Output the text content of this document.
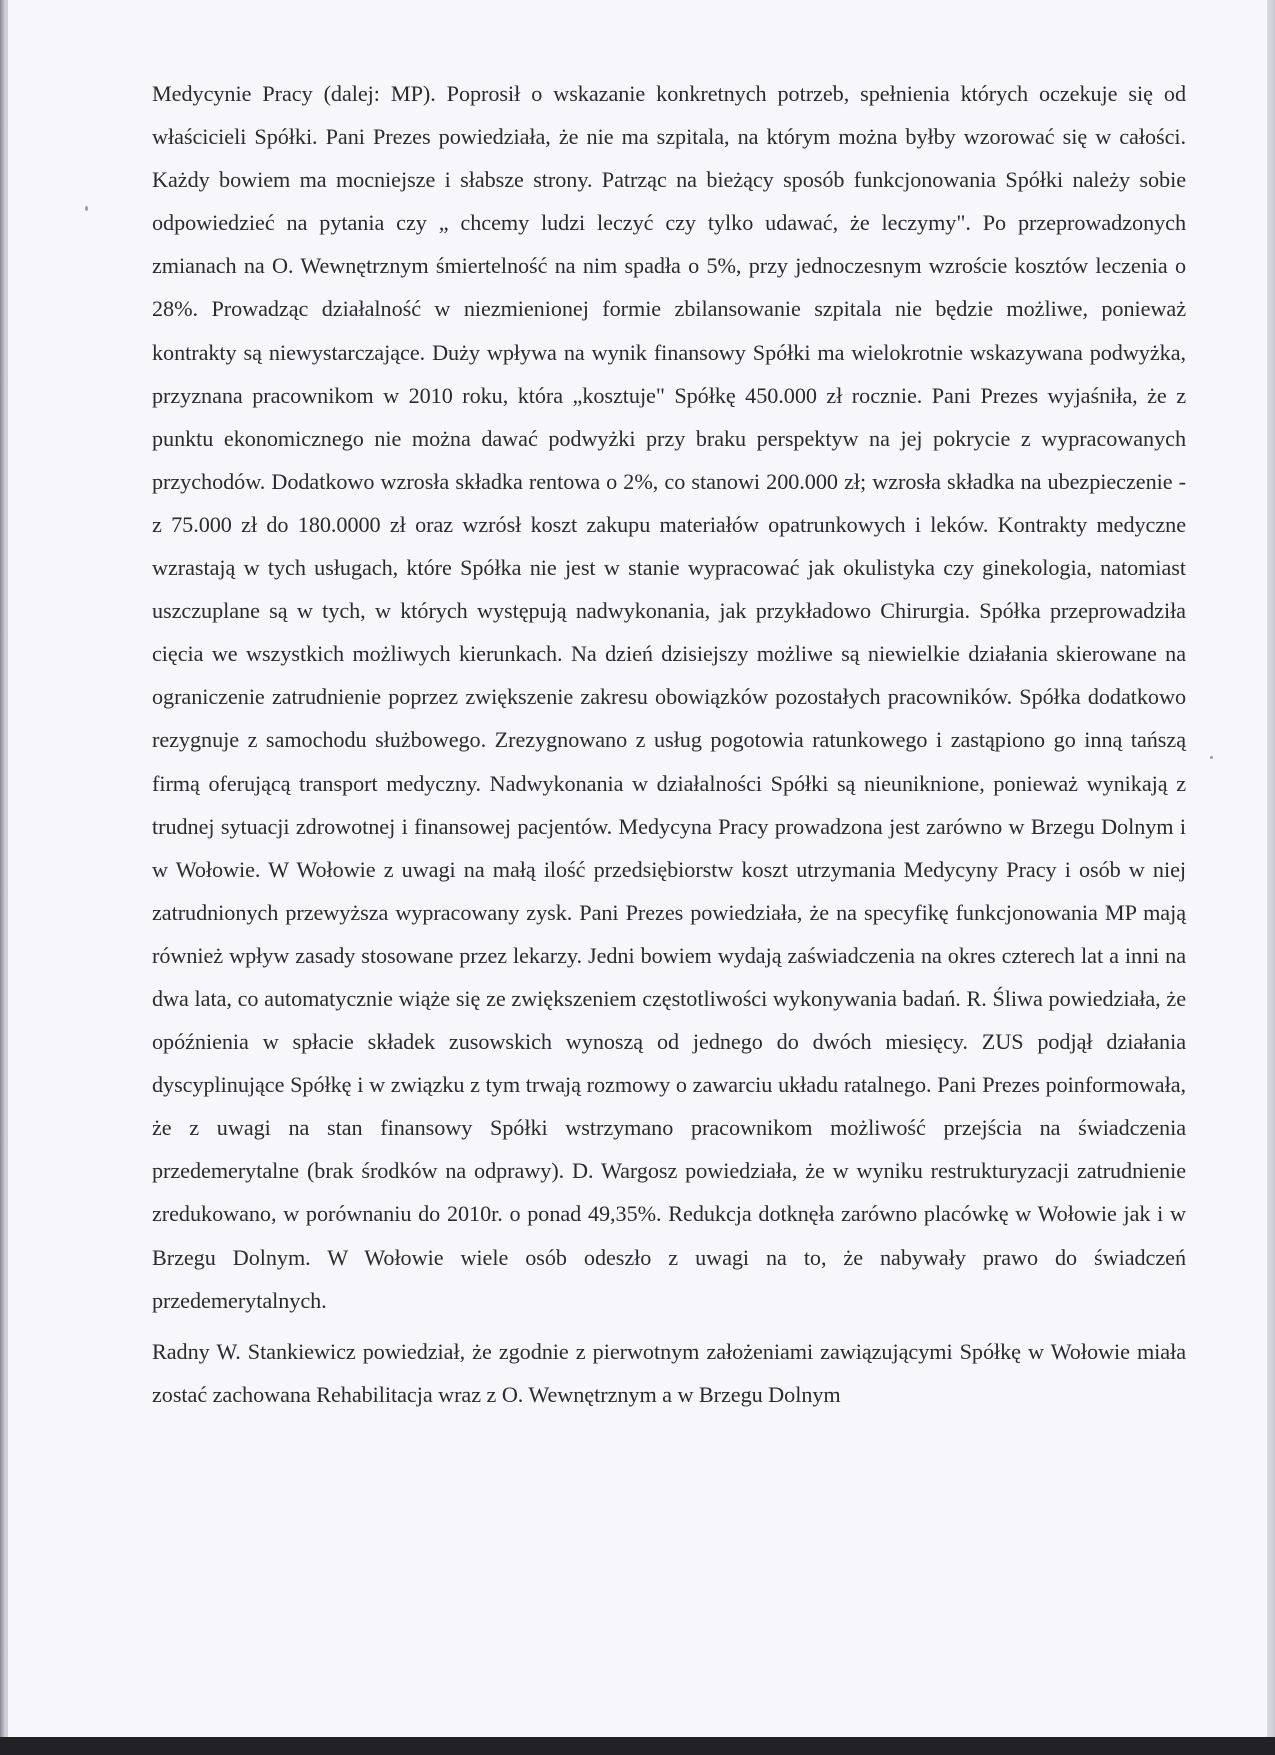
Medycynie Pracy (dalej: MP). Poprosił o wskazanie konkretnych potrzeb, spełnienia których oczekuje się od właścicieli Spółki. Pani Prezes powiedziała, że nie ma szpitala, na którym można byłby wzorować się w całości. Każdy bowiem ma mocniejsze i słabsze strony. Patrząc na bieżący sposób funkcjonowania Spółki należy sobie odpowiedzieć na pytania czy „ chcemy ludzi leczyć czy tylko udawać, że leczymy". Po przeprowadzonych zmianach na O. Wewnętrznym śmiertelność na nim spadła o 5%, przy jednoczesnym wzroście kosztów leczenia o 28%. Prowadząc działalność w niezmienionej formie zbilansowanie szpitala nie będzie możliwe, ponieważ kontrakty są niewystarczające. Duży wpływa na wynik finansowy Spółki ma wielokrotnie wskazywana podwyżka, przyznana pracownikom w 2010 roku, która „kosztuje" Spółkę 450.000 zł rocznie. Pani Prezes wyjaśniła, że z punktu ekonomicznego nie można dawać podwyżki przy braku perspektyw na jej pokrycie z wypracowanych przychodów. Dodatkowo wzrosła składka rentowa o 2%, co stanowi 200.000 zł; wzrosła składka na ubezpieczenie - z 75.000 zł do 180.0000 zł oraz wzrósł koszt zakupu materiałów opatrunkowych i leków. Kontrakty medyczne wzrastają w tych usługach, które Spółka nie jest w stanie wypracować jak okulistyka czy ginekologia, natomiast uszczuplane są w tych, w których występują nadwykonania, jak przykładowo Chirurgia. Spółka przeprowadziła cięcia we wszystkich możliwych kierunkach. Na dzień dzisiejszy możliwe są niewielkie działania skierowane na ograniczenie zatrudnienie poprzez zwiększenie zakresu obowiązków pozostałych pracowników. Spółka dodatkowo rezygnuje z samochodu służbowego. Zrezygnowano z usług pogotowia ratunkowego i zastąpiono go inną tańszą firmą oferującą transport medyczny. Nadwykonania w działalności Spółki są nieuniknione, ponieważ wynikają z trudnej sytuacji zdrowotnej i finansowej pacjentów. Medycyna Pracy prowadzona jest zarówno w Brzegu Dolnym i w Wołowie. W Wołowie z uwagi na małą ilość przedsiębiorstw koszt utrzymania Medycyny Pracy i osób w niej zatrudnionych przewyższa wypracowany zysk. Pani Prezes powiedziała, że na specyfikę funkcjonowania MP mają również wpływ zasady stosowane przez lekarzy. Jedni bowiem wydają zaświadczenia na okres czterech lat a inni na dwa lata, co automatycznie wiąże się ze zwiększeniem częstotliwości wykonywania badań. R. Śliwa powiedziała, że opóźnienia w spłacie składek zusowskich wynoszą od jednego do dwóch miesięcy. ZUS podjął działania dyscyplinujące Spółkę i w związku z tym trwają rozmowy o zawarciu układu ratalnego. Pani Prezes poinformowała, że z uwagi na stan finansowy Spółki wstrzymano pracownikom możliwość przejścia na świadczenia przedemerytalne (brak środków na odprawy). D. Wargosz powiedziała, że w wyniku restrukturyzacji zatrudnienie zredukowano, w porównaniu do 2010r. o ponad 49,35%. Redukcja dotknęła zarówno placówkę w Wołowie jak i w Brzegu Dolnym. W Wołowie wiele osób odeszło z uwagi na to, że nabywały prawo do świadczeń przedemerytalnych.

Radny W. Stankiewicz powiedział, że zgodnie z pierwotnym założeniami zawiązującymi Spółkę w Wołowie miała zostać zachowana Rehabilitacja wraz z O. Wewnętrznym a w Brzegu Dolnym
